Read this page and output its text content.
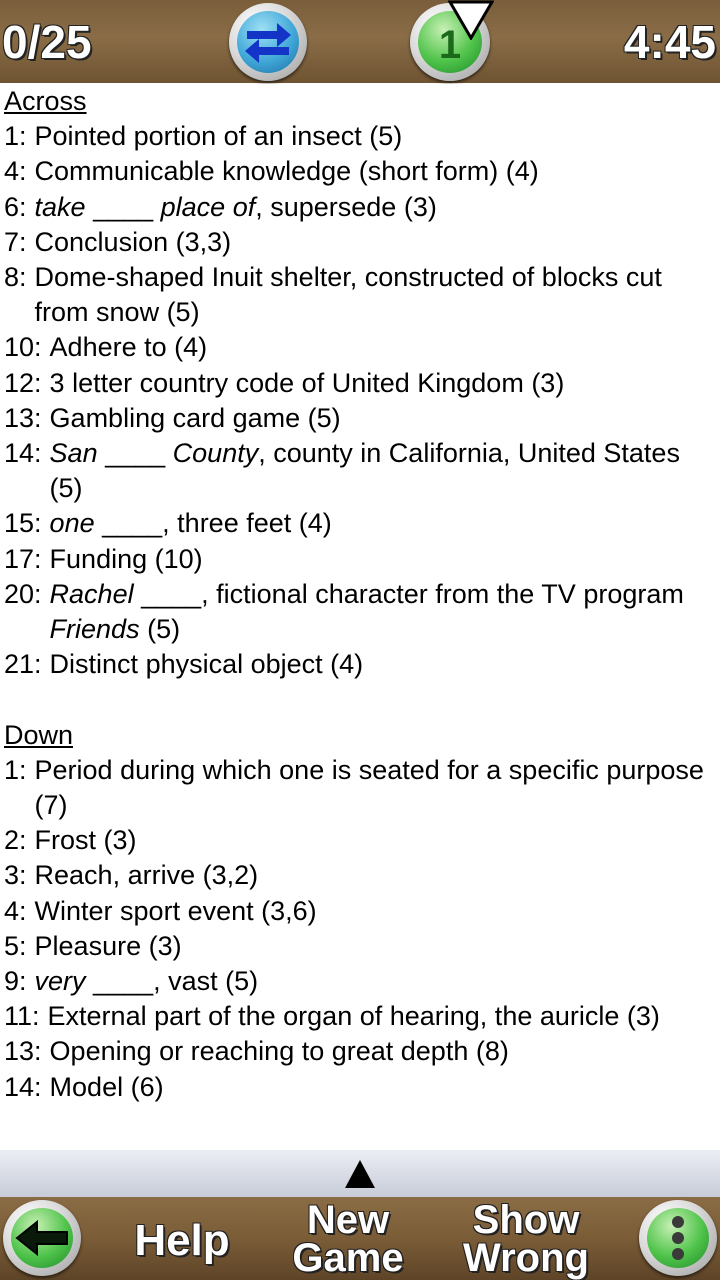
0/25	1	4:45
Across
1: Pointed portion of an insect (5)
4: Communicable knowledge (short form) (4)
6: take ____ place of, supersede (3)
7: Conclusion (3,3)
8: Dome-shaped Inuit shelter, constructed of blocks cut from snow (5)
10: Adhere to (4)
12: 3 letter country code of United Kingdom (3)
13: Gambling card game (5)
14: San ____ County, county in California, United States (5)
15: one ____, three feet (4)
17: Funding (10)
20: Rachel ____, fictional character from the TV program Friends (5)
21: Distinct physical object (4)
Down
1: Period during which one is seated for a specific purpose (7)
2: Frost (3)
3: Reach, arrive (3,2)
4: Winter sport event (3,6)
5: Pleasure (3)
9: very ____, vast (5)
11: External part of the organ of hearing, the auricle (3)
13: Opening or reaching to great depth (8)
14: Model (6)
Help	New Game
Show Wrong
